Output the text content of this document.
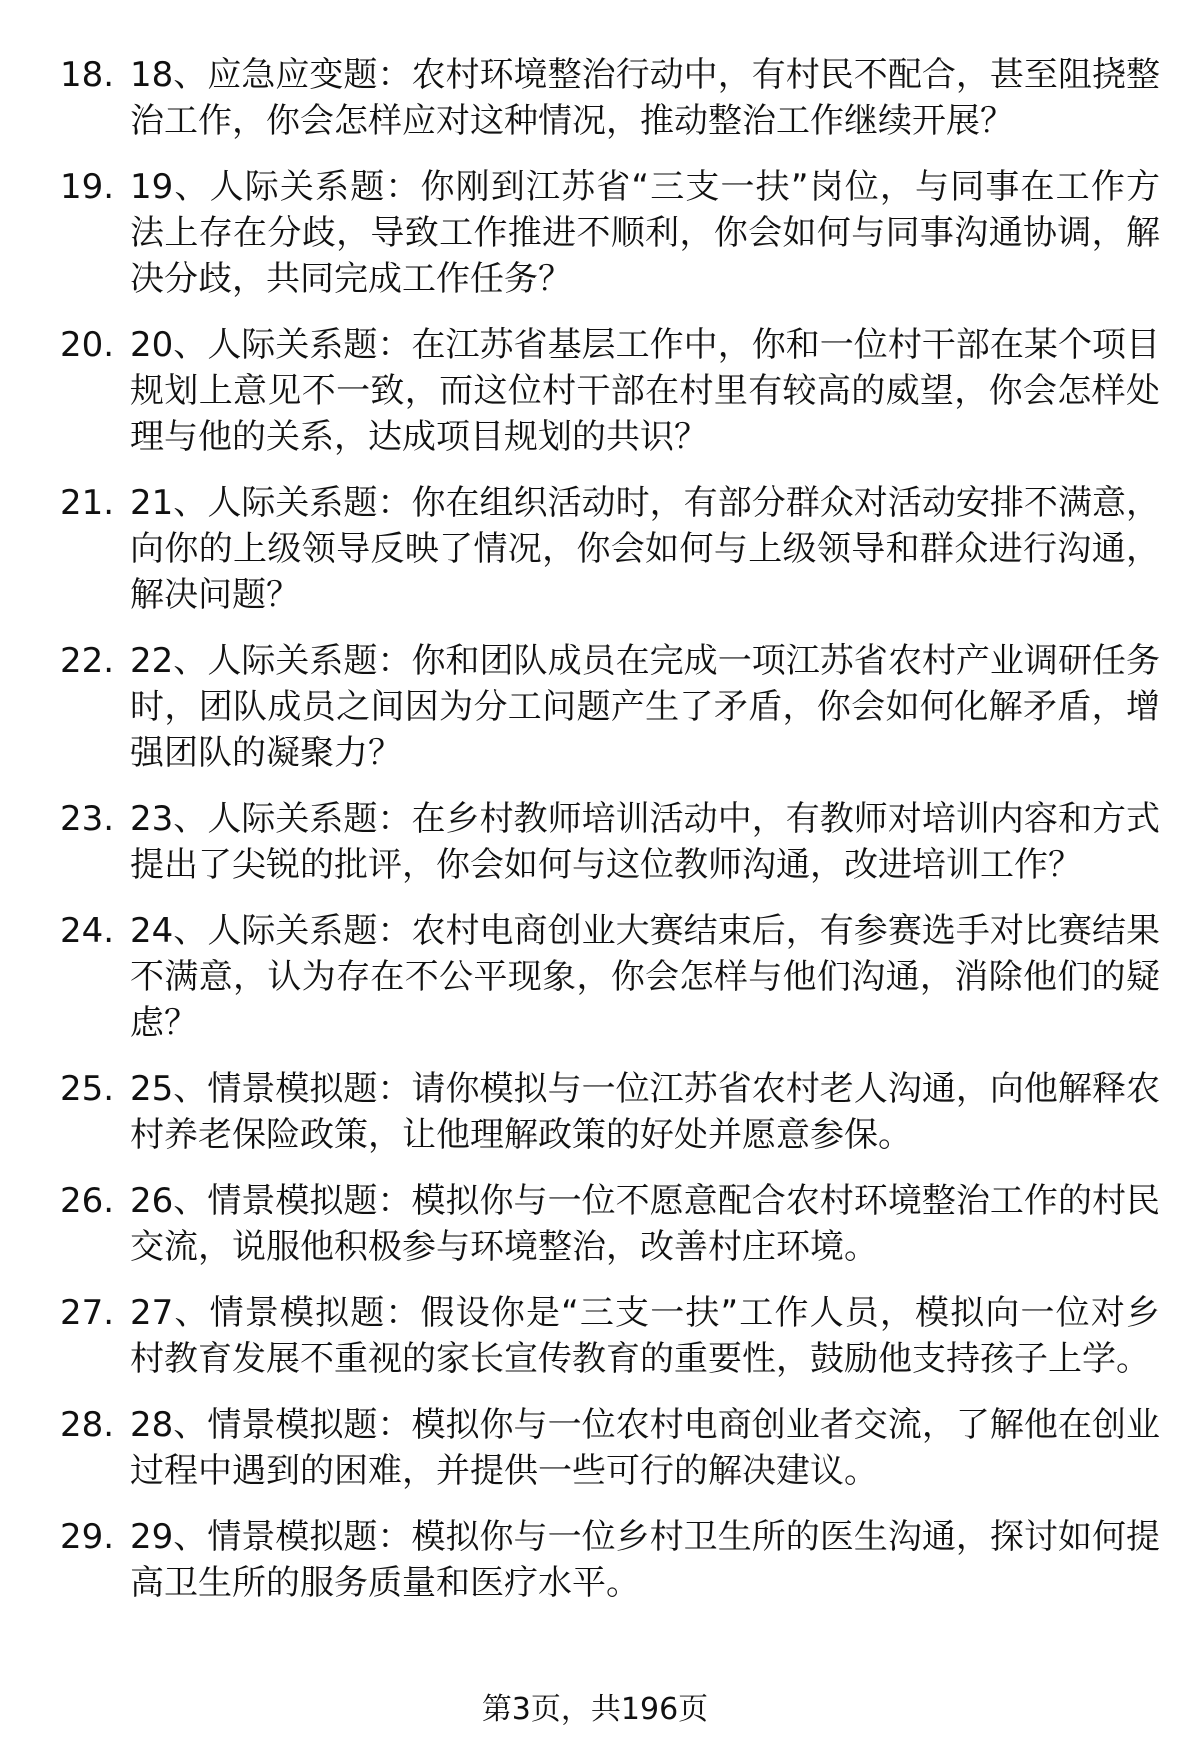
18. 18、应急应变题：农村环境整治行动中，有村民不配合，甚至阻挠整治工作，你会怎样应对这种情况，推动整治工作继续开展？
19. 19、人际关系题：你刚到江苏省“三支一扶”岗位，与同事在工作方法上存在分歧，导致工作推进不顺利，你会如何与同事沟通协调，解决分歧，共同完成工作任务？
20. 20、人际关系题：在江苏省基层工作中，你和一位村干部在某个项目规划上意见不一致，而这位村干部在村里有较高的威望，你会怎样处理与他的关系，达成项目规划的共识？
21. 21、人际关系题：你在组织活动时，有部分群众对活动安排不满意，向你的上级领导反映了情况，你会如何与上级领导和群众进行沟通，解决问题？
22. 22、人际关系题：你和团队成员在完成一项江苏省农村产业调研任务时，团队成员之间因为分工问题产生了矛盾，你会如何化解矛盾，增强团队的凝聚力？
23. 23、人际关系题：在乡村教师培训活动中，有教师对培训内容和方式提出了尖锐的批评，你会如何与这位教师沟通，改进培训工作？
24. 24、人际关系题：农村电商创业大赛结束后，有参赛选手对比赛结果不满意，认为存在不公平现象，你会怎样与他们沟通，消除他们的疑虑？
25. 25、情景模拟题：请你模拟与一位江苏省农村老人沟通，向他解释农村养老保险政策，让他理解政策的好处并愿意参保。
26. 26、情景模拟题：模拟你与一位不愿意配合农村环境整治工作的村民交流，说服他积极参与环境整治，改善村庄环境。
27. 27、情景模拟题：假设你是“三支一扶”工作人员，模拟向一位对乡村教育发展不重视的家长宣传教育的重要性，鼓励他支持孩子上学。
28. 28、情景模拟题：模拟你与一位农村电商创业者交流，了解他在创业过程中遇到的困难，并提供一些可行的解决建议。
29. 29、情景模拟题：模拟你与一位乡村卫生所的医生沟通，探讨如何提高卫生所的服务质量和医疗水平。
第3页，共196页
